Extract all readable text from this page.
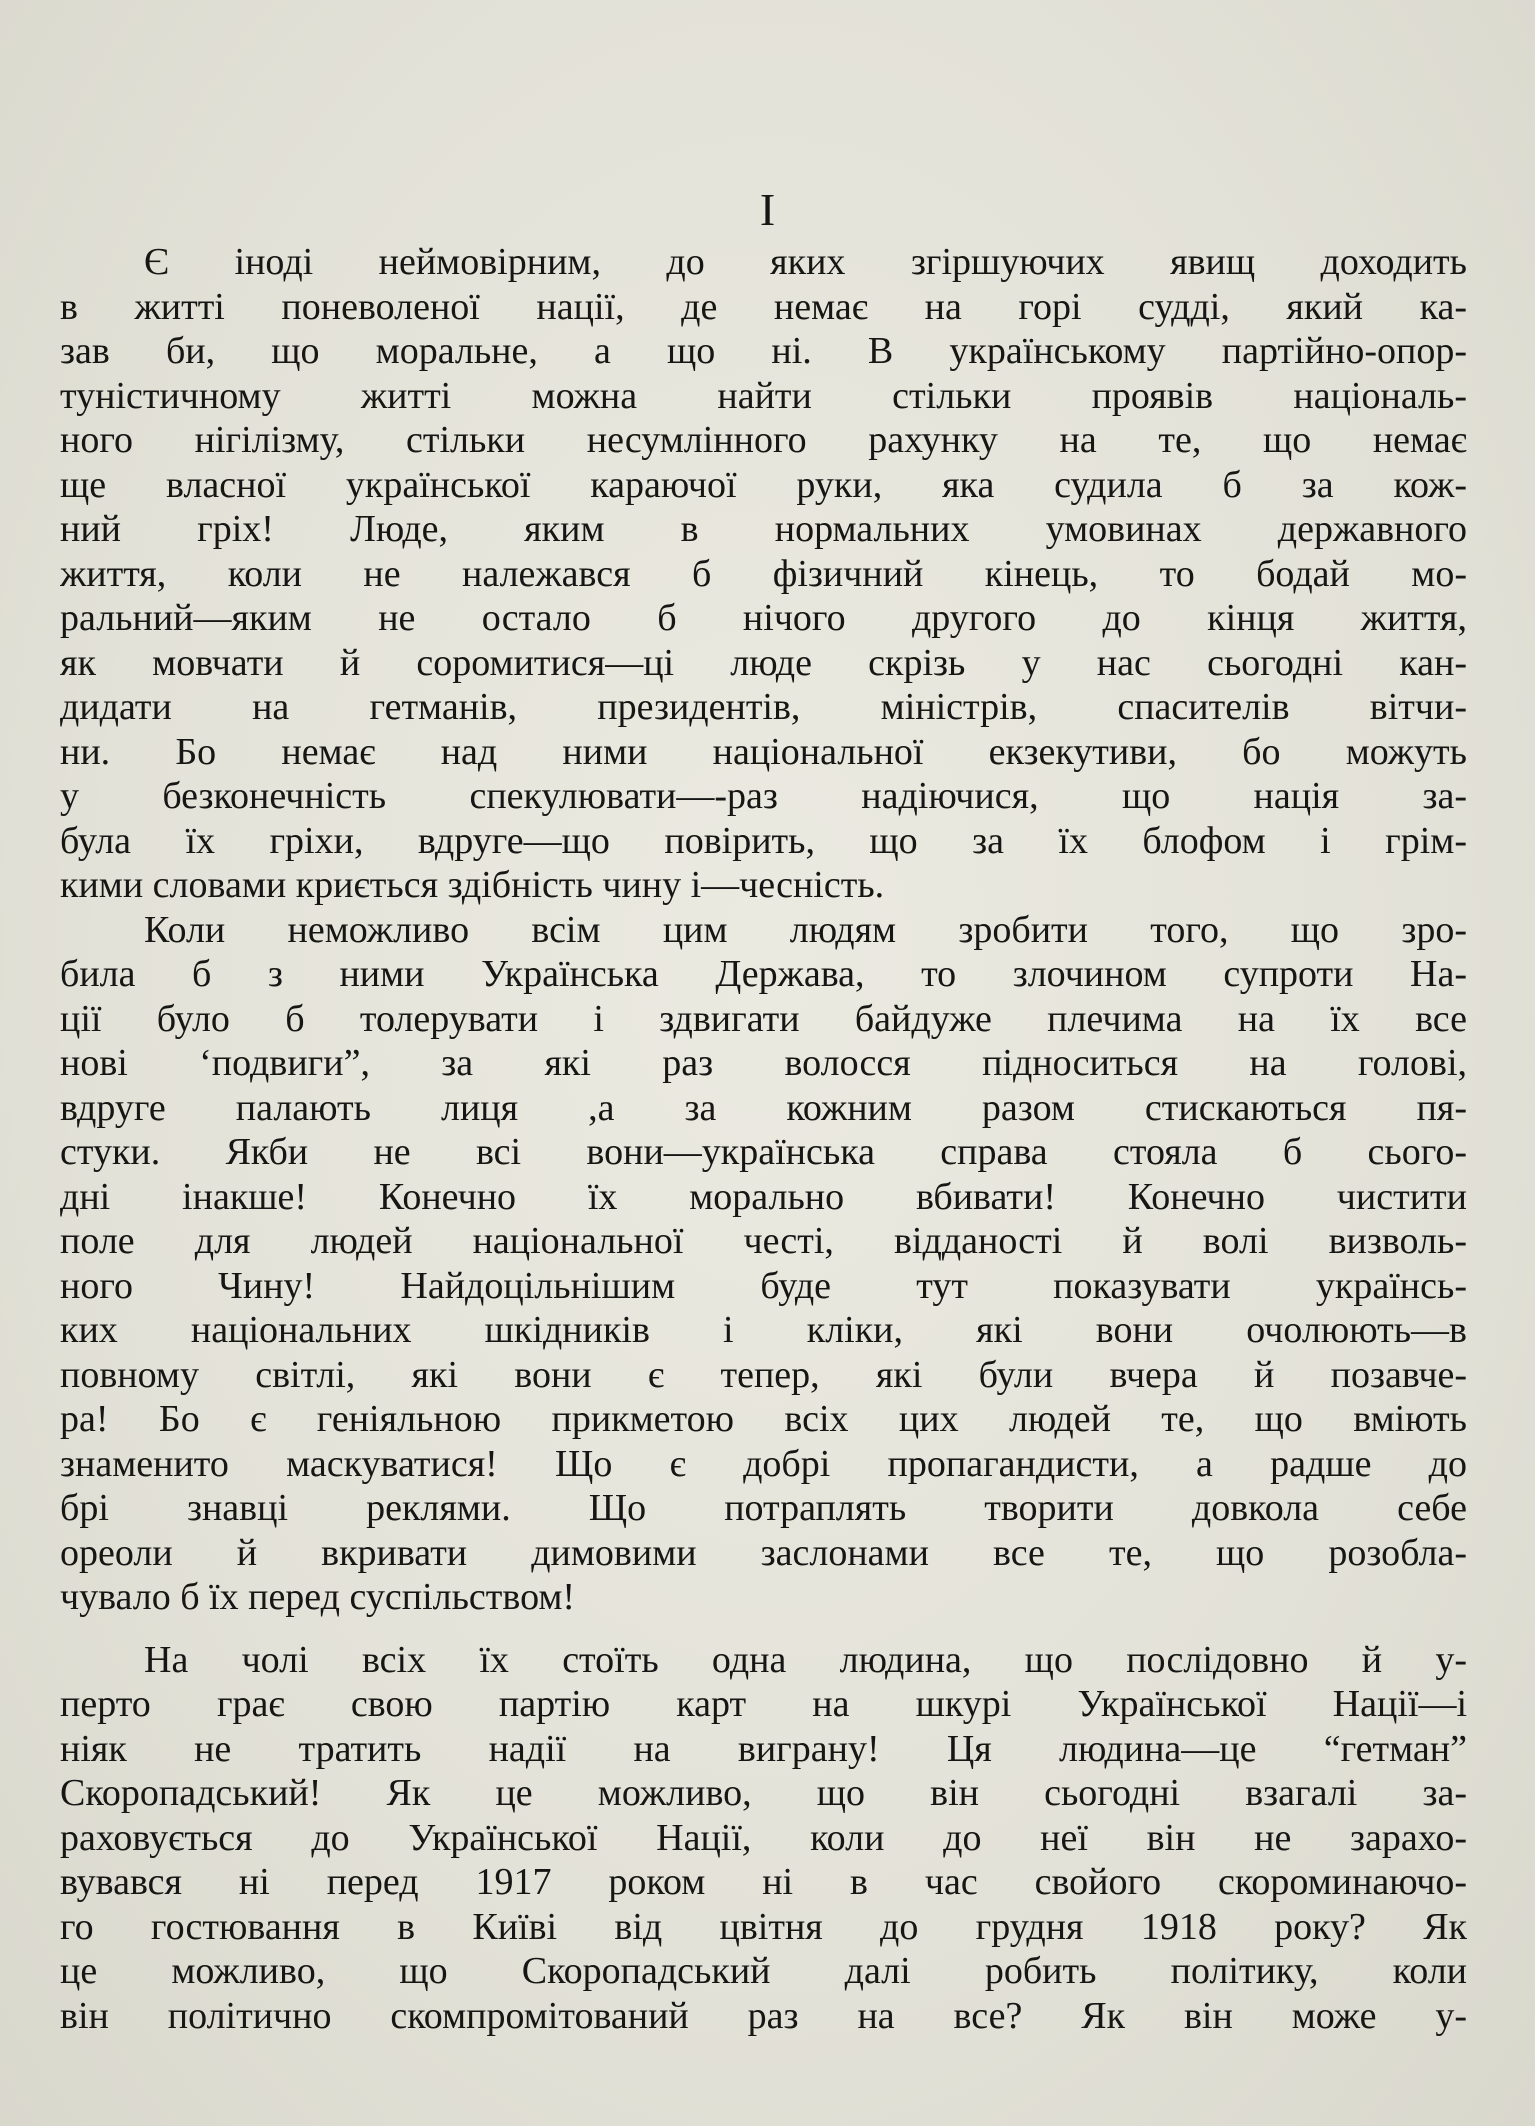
I
Є іноді неймовірним, до яких згіршуючих явищ доходить
в житті поневоленої нації, де немає на горі судді, який ка-
зав би, що моральне, а що ні. В українському партійно-опор-
туністичному житті можна найти стільки проявів національ-
ного нігілізму, стільки несумлінного рахунку на те, що немає
ще власної української караючої руки, яка судила б за кож-
ний гріх! Люде, яким в нормальних умовинах державного
життя, коли не належався б фізичний кінець, то бодай мо-
ральний—яким не остало б нічого другого до кінця життя,
як мовчати й соромитися—ці люде скрізь у нас сьогодні кан-
дидати на гетманів, президентів, міністрів, спасителів вітчи-
ни. Бо немає над ними національної екзекутиви, бо можуть
у безконечність спекулювати—-раз надіючися, що нація за-
була їх гріхи, вдруге—що повірить, що за їх блофом і грім-
кими словами криється здібність чину і—чесність.
Коли неможливо всім цим людям зробити того, що зро-
била б з ними Українська Держава, то злочином супроти На-
ції було б толерувати і здвигати байдуже плечима на їх все
нові ‘подвиги”, за які раз волосся підноситься на голові,
вдруге палають лиця ,а за кожним разом стискаються пя-
стуки. Якби не всі вони—українська справа стояла б сього-
дні інакше! Конечно їх морально вбивати! Конечно чистити
поле для людей національної честі, відданості й волі визволь-
ного Чину! Найдоцільнішим буде тут показувати українсь-
ких національних шкідників і кліки, які вони очолюють—в
повному світлі, які вони є тепер, які були вчера й позавче-
ра! Бо є геніяльною прикметою всіх цих людей те, що вміють
знаменито маскуватися! Що є добрі пропагандисти, а радше до
брі знавці реклями. Що потраплять творити довкола себе
ореоли й вкривати димовими заслонами все те, що розобла-
чувало б їх перед суспільством!
На чолі всіх їх стоїть одна людина, що послідовно й у-
перто грає свою партію карт на шкурі Української Нації—і
ніяк не тратить надії на виграну! Ця людина—це “гетман”
Скоропадський! Як це можливо, що він сьогодні взагалі за-
раховується до Української Нації, коли до неї він не зарахо-
вувався ні перед 1917 роком ні в час свойого скороминаючо-
го гостювання в Київі від цвітня до грудня 1918 року? Як
це можливо, що Скоропадський далі робить політику, коли
він політично скомпромітований раз на все? Як він може у-
